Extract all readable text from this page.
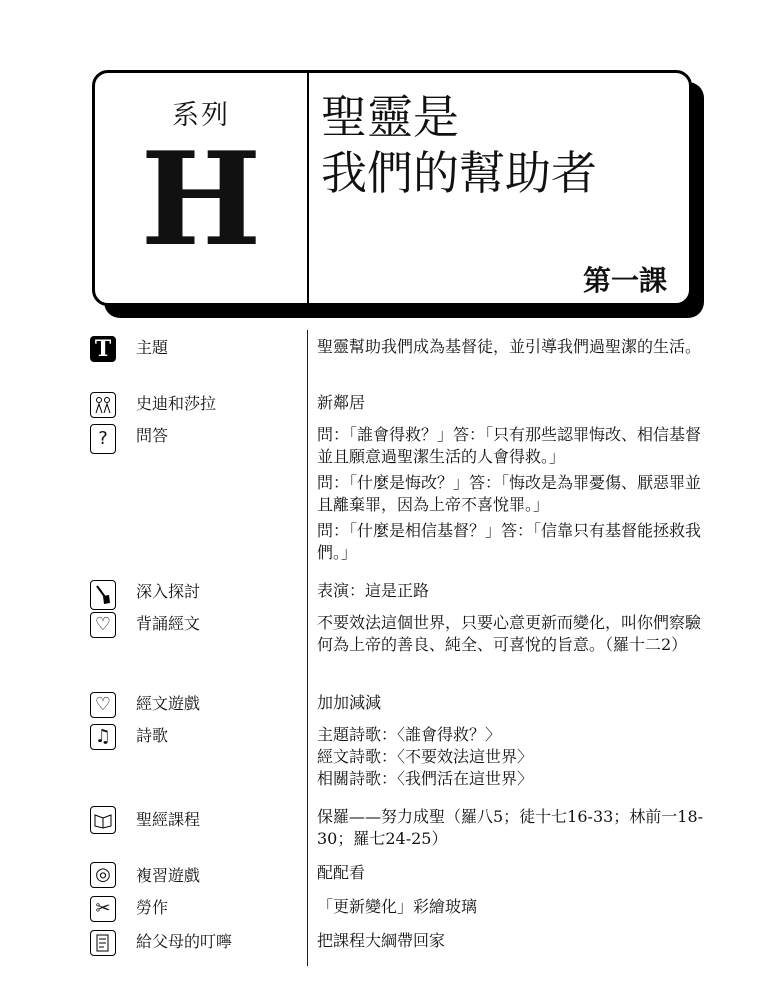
系列
H
聖靈是
我們的幫助者
第一課
T	主題	聖靈幫助我們成為基督徒，並引導我們過聖潔的生活。
史迪和莎拉	新鄰居
?	問答	問：「誰會得救？」答：「只有那些認罪悔改、相信基督並且願意過聖潔生活的人會得救。」

問：「什麼是悔改？」答：「悔改是為罪憂傷、厭惡罪並且離棄罪，因為上帝不喜悅罪。」

問：「什麼是相信基督？」答：「信靠只有基督能拯救我們。」

深入探討	表演：這是正路
♡	背誦經文	不要效法這個世界，只要心意更新而變化，叫你們察驗何為上帝的善良、純全、可喜悅的旨意。（羅十二2）
♡	經文遊戲	加加減減
♫	詩歌	主題詩歌：〈誰會得救？〉
經文詩歌：〈不要效法這世界〉
相關詩歌：〈我們活在這世界〉
聖經課程	保羅——努力成聖（羅八5；徒十七16-33；林前一18-30；羅七24-25）
◎	複習遊戲	配配看
✂	勞作	「更新變化」彩繪玻璃
給父母的叮嚀	把課程大綱帶回家
